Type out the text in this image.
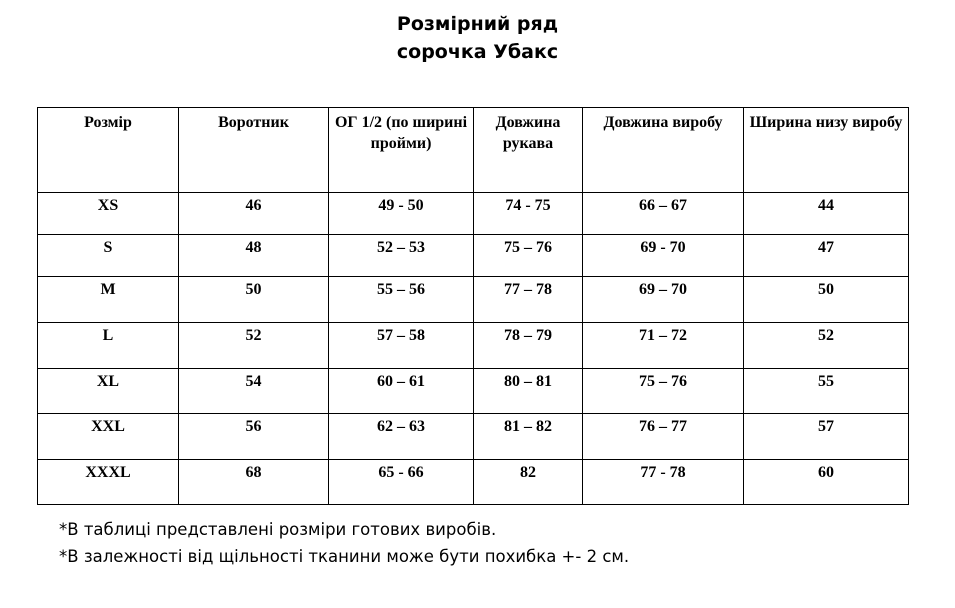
Розмірний ряд
сорочка Убакс
Розмір	Воротник	ОГ 1/2 (по ширині пройми)	Довжина рукава	Довжина виробу	Ширина низу виробу
XS	46	49 - 50	74 - 75	66 – 67	44
S	48	52 – 53	75 – 76	69 - 70	47
M	50	55 – 56	77 – 78	69 – 70	50
L	52	57 – 58	78 – 79	71 – 72	52
XL	54	60 – 61	80 – 81	75 – 76	55
XXL	56	62 – 63	81 – 82	76 – 77	57
XXXL	68	65 - 66	82	77 - 78	60
*В таблиці представлені розміри готових виробів.
*В залежності від щільності тканини може бути похибка +- 2 см.
